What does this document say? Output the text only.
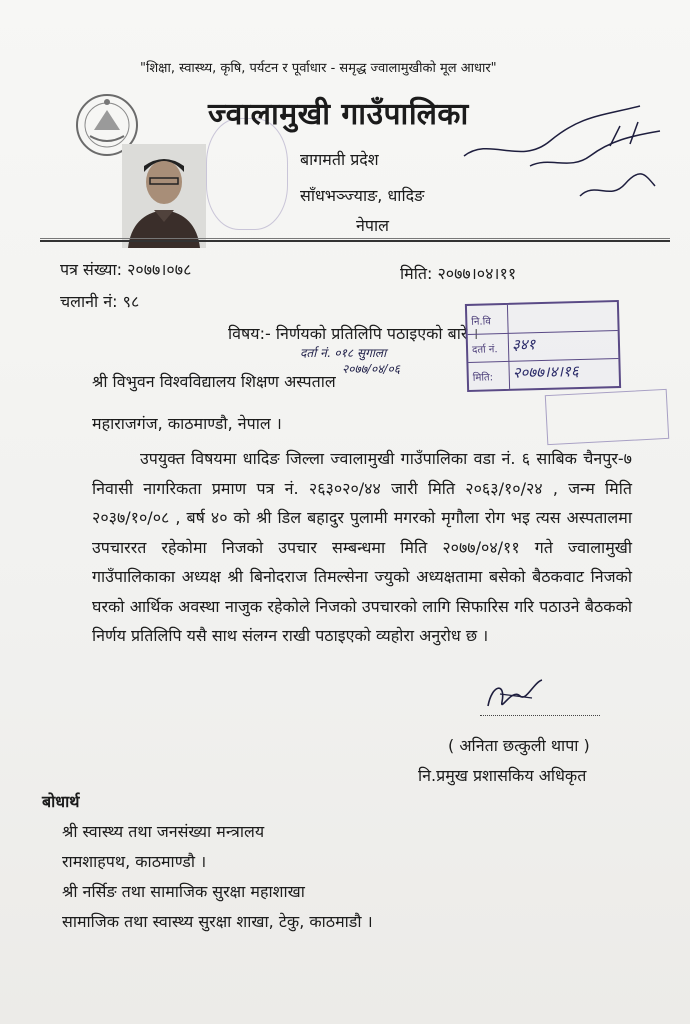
"शिक्षा, स्वास्थ्य, कृषि, पर्यटन र पूर्वाधार - समृद्ध ज्वालामुखीको मूल आधार"
ज्वालामुखी गाउँपालिका
बागमती प्रदेश
साँधभञ्ज्याङ, धादिङ
नेपाल
पत्र संख्या: २०७७।०७८	मिति: २०७७।०४।११
चलानी नं: ९८
विषय:- निर्णयको प्रतिलिपि पठाइएको बारे ।
दर्ता नं. ०१८ सुगाला
२०७७/०४/०६
नि.वि
दर्ता नं. ३४१
मिति:	२०७७।४।१६
श्री विभुवन विश्वविद्यालय शिक्षण अस्पताल
महाराजगंज, काठमाण्डौ, नेपाल ।
उपयुक्त विषयमा धादिङ जिल्ला ज्वालामुखी गाउँपालिका वडा नं. ६ साबिक चैनपुर-७ निवासी नागरिकता प्रमाण पत्र नं. २६३०२०/४४ जारी मिति २०६३/१०/२४ , जन्म मिति २०३७/१०/०८ , बर्ष ४० को श्री डिल बहादुर पुलामी मगरको मृगौला रोग भइ त्यस अस्पतालमा उपचाररत रहेकोमा निजको उपचार सम्बन्धमा मिति २०७७/०४/११ गते ज्वालामुखी गाउँपालिकाका अध्यक्ष श्री बिनोदराज तिमल्सेना ज्युको अध्यक्षतामा बसेको बैठकवाट निजको घरको आर्थिक अवस्था नाजुक रहेकोले निजको उपचारको लागि सिफारिस गरि पठाउने बैठकको निर्णय प्रतिलिपि यसै साथ संलग्न राखी पठाइएको व्यहोरा अनुरोध छ ।
( अनिता छत्कुली थापा )
नि.प्रमुख प्रशासकिय अधिकृत
बोधार्थ
श्री स्वास्थ्य तथा जनसंख्या मन्त्रालय
रामशाहपथ, काठमाण्डौ ।
श्री नर्सिङ तथा सामाजिक सुरक्षा महाशाखा
सामाजिक तथा स्वास्थ्य सुरक्षा शाखा, टेकु, काठमाडौ ।
